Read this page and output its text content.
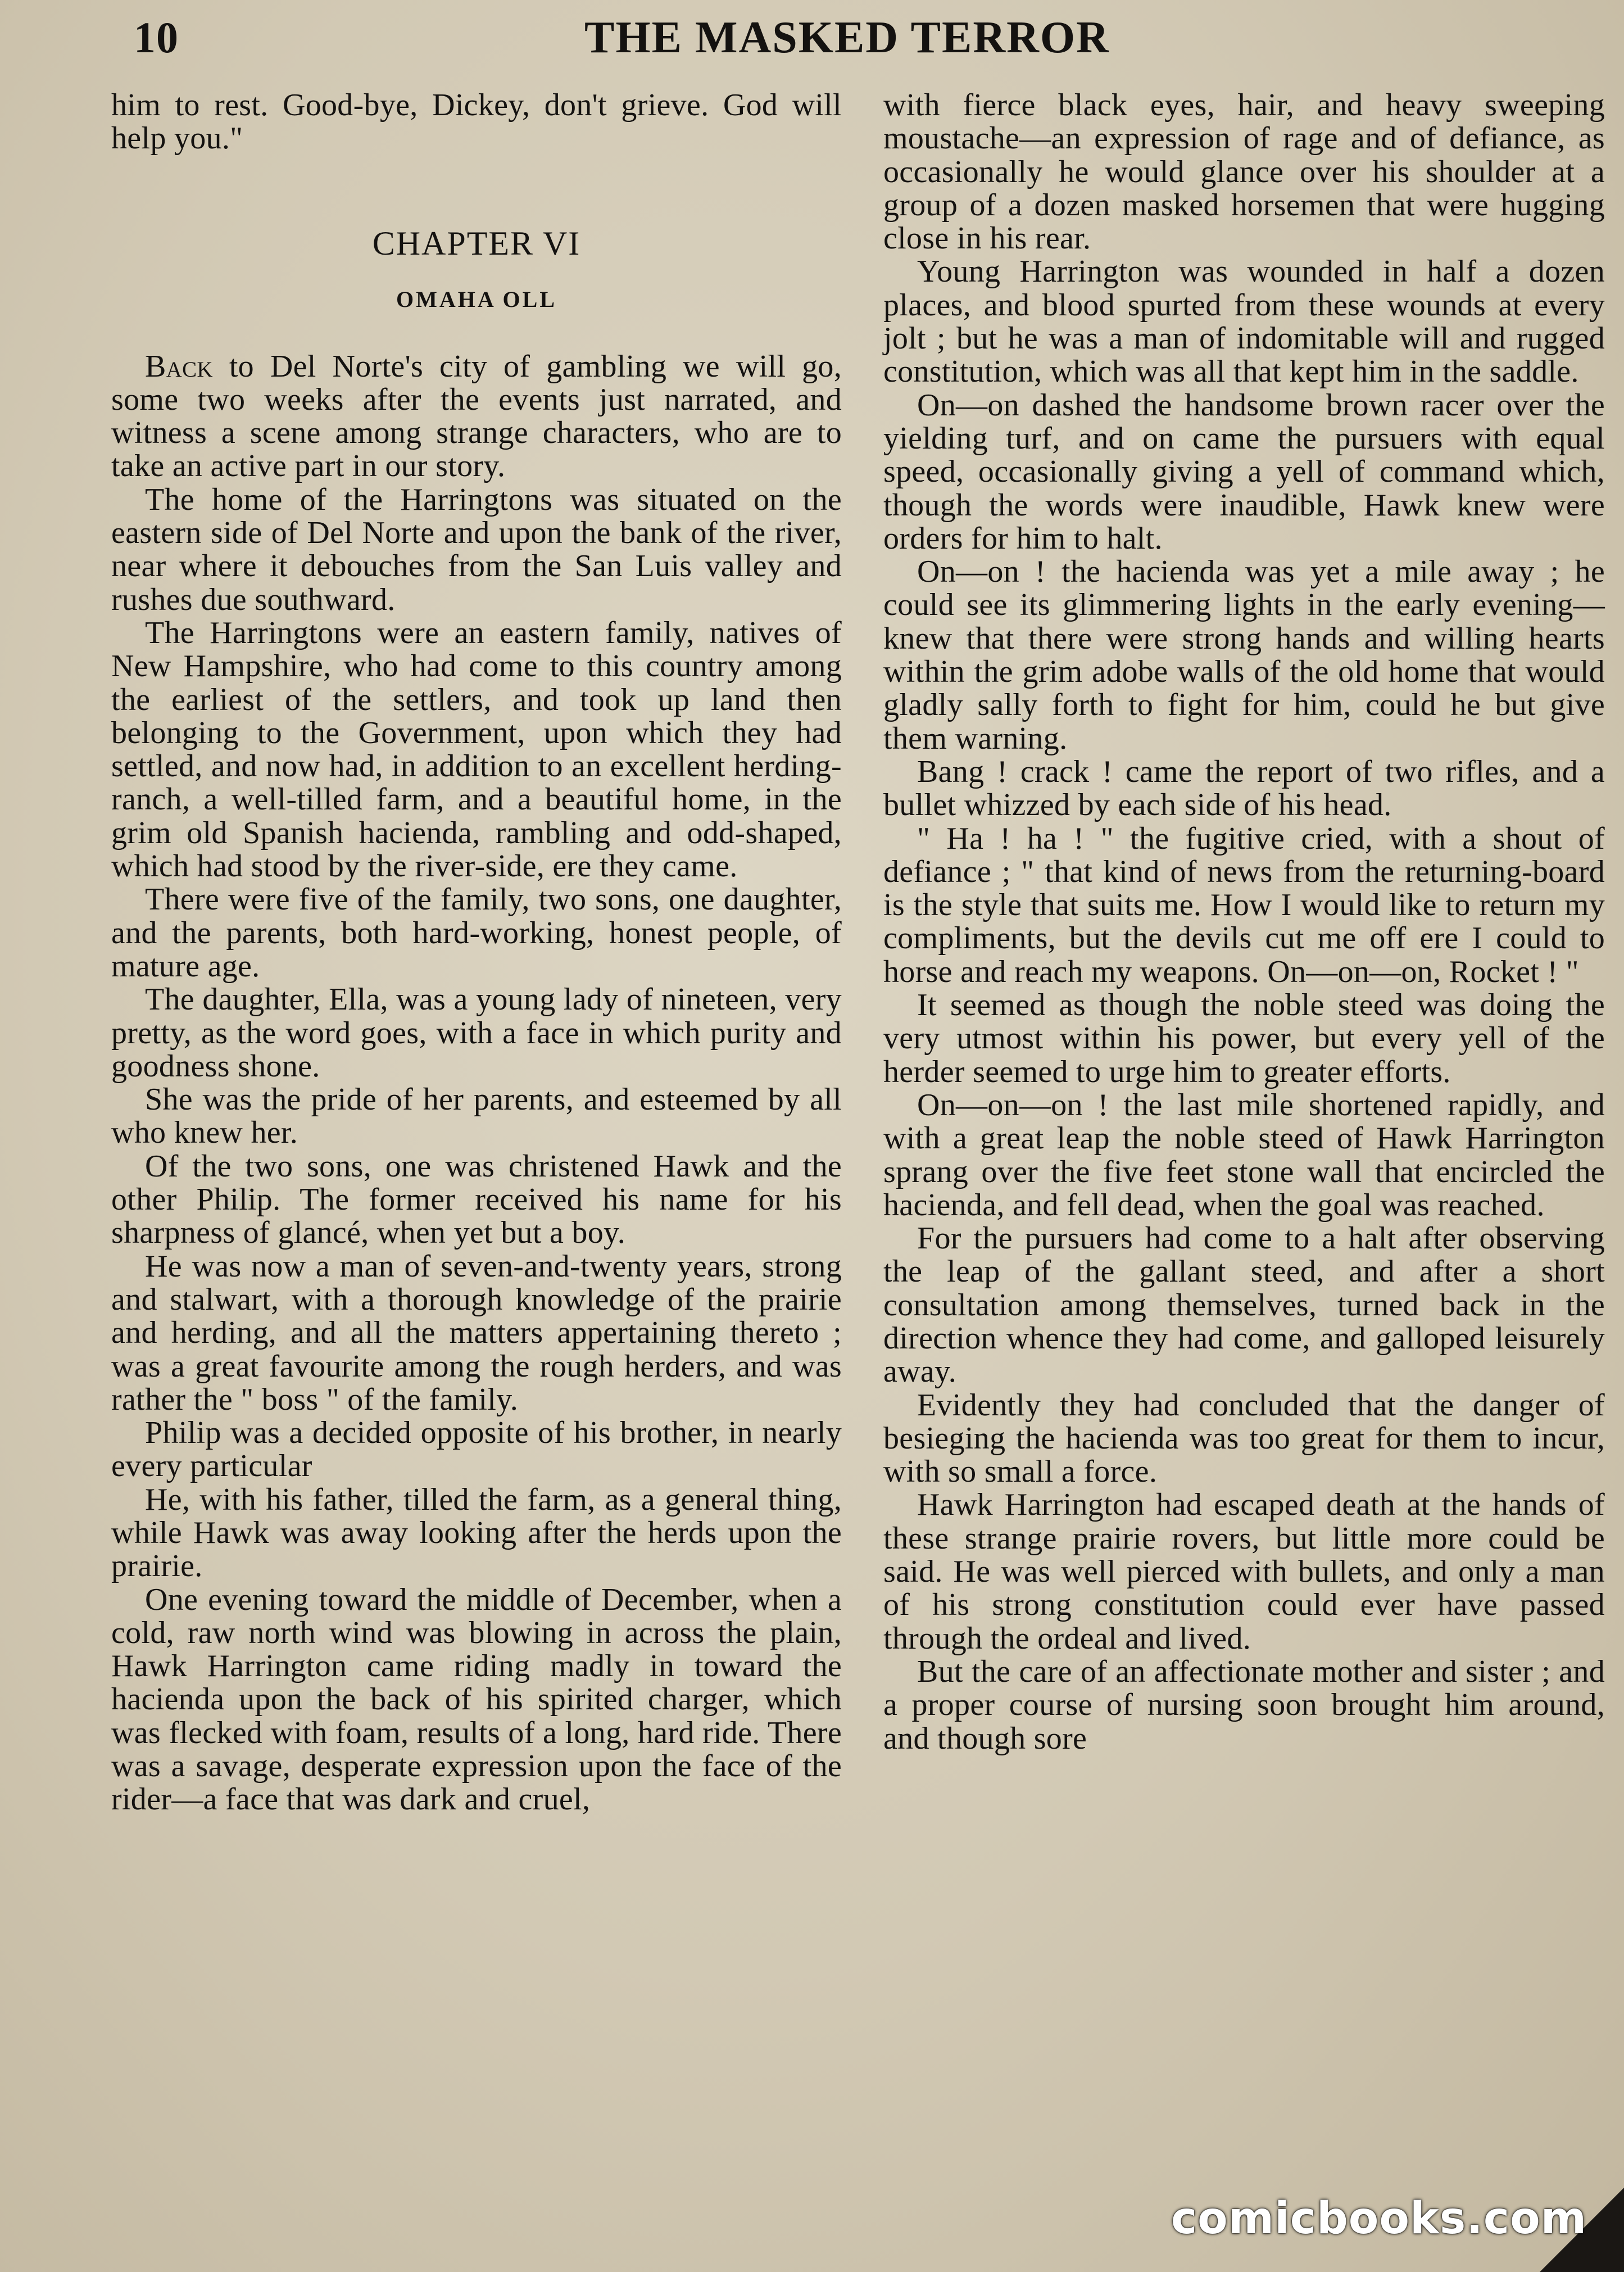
10	THE MASKED TERROR

him to rest. Good-bye, Dickey, don't grieve. God will help you."

CHAPTER VI
OMAHA OLL

Back to Del Norte's city of gambling we will go, some two weeks after the events just narrated, and witness a scene among strange characters, who are to take an active part in our story.

The home of the Harringtons was situated on the eastern side of Del Norte and upon the bank of the river, near where it debouches from the San Luis valley and rushes due southward.

The Harringtons were an eastern family, natives of New Hampshire, who had come to this country among the earliest of the settlers, and took up land then belonging to the Government, upon which they had settled, and now had, in addition to an excellent herding-ranch, a well-tilled farm, and a beautiful home, in the grim old Spanish hacienda, rambling and odd-shaped, which had stood by the river-side, ere they came.

There were five of the family, two sons, one daughter, and the parents, both hard-working, honest people, of mature age.

The daughter, Ella, was a young lady of nineteen, very pretty, as the word goes, with a face in which purity and goodness shone.

She was the pride of her parents, and esteemed by all who knew her.

Of the two sons, one was christened Hawk and the other Philip. The former received his name for his sharpness of glancé, when yet but a boy.

He was now a man of seven-and-twenty years, strong and stalwart, with a thorough knowledge of the prairie and herding, and all the matters appertaining thereto ; was a great favourite among the rough herders, and was rather the " boss " of the family.

Philip was a decided opposite of his brother, in nearly every particular

He, with his father, tilled the farm, as a general thing, while Hawk was away looking after the herds upon the prairie.

One evening toward the middle of December, when a cold, raw north wind was blowing in across the plain, Hawk Harrington came riding madly in toward the hacienda upon the back of his spirited charger, which was flecked with foam, results of a long, hard ride. There was a savage, desperate expression upon the face of the rider—a face that was dark and cruel,

with fierce black eyes, hair, and heavy sweeping moustache—an expression of rage and of defiance, as occasionally he would glance over his shoulder at a group of a dozen masked horsemen that were hugging close in his rear.

Young Harrington was wounded in half a dozen places, and blood spurted from these wounds at every jolt ; but he was a man of indomitable will and rugged constitution, which was all that kept him in the saddle.

On—on dashed the handsome brown racer over the yielding turf, and on came the pursuers with equal speed, occasionally giving a yell of command which, though the words were inaudible, Hawk knew were orders for him to halt.

On—on ! the hacienda was yet a mile away ; he could see its glimmering lights in the early evening—knew that there were strong hands and willing hearts within the grim adobe walls of the old home that would gladly sally forth to fight for him, could he but give them warning.

Bang ! crack ! came the report of two rifles, and a bullet whizzed by each side of his head.

" Ha ! ha ! " the fugitive cried, with a shout of defiance ; " that kind of news from the returning-board is the style that suits me. How I would like to return my compliments, but the devils cut me off ere I could to horse and reach my weapons. On—on—on, Rocket ! "

It seemed as though the noble steed was doing the very utmost within his power, but every yell of the herder seemed to urge him to greater efforts.

On—on—on ! the last mile shortened rapidly, and with a great leap the noble steed of Hawk Harrington sprang over the five feet stone wall that encircled the hacienda, and fell dead, when the goal was reached.

For the pursuers had come to a halt after observing the leap of the gallant steed, and after a short consultation among themselves, turned back in the direction whence they had come, and galloped leisurely away.

Evidently they had concluded that the danger of besieging the hacienda was too great for them to incur, with so small a force.

Hawk Harrington had escaped death at the hands of these strange prairie rovers, but little more could be said. He was well pierced with bullets, and only a man of his strong constitution could ever have passed through the ordeal and lived.

But the care of an affectionate mother and sister ; and a proper course of nursing soon brought him around, and though sore

comicbooks.com
